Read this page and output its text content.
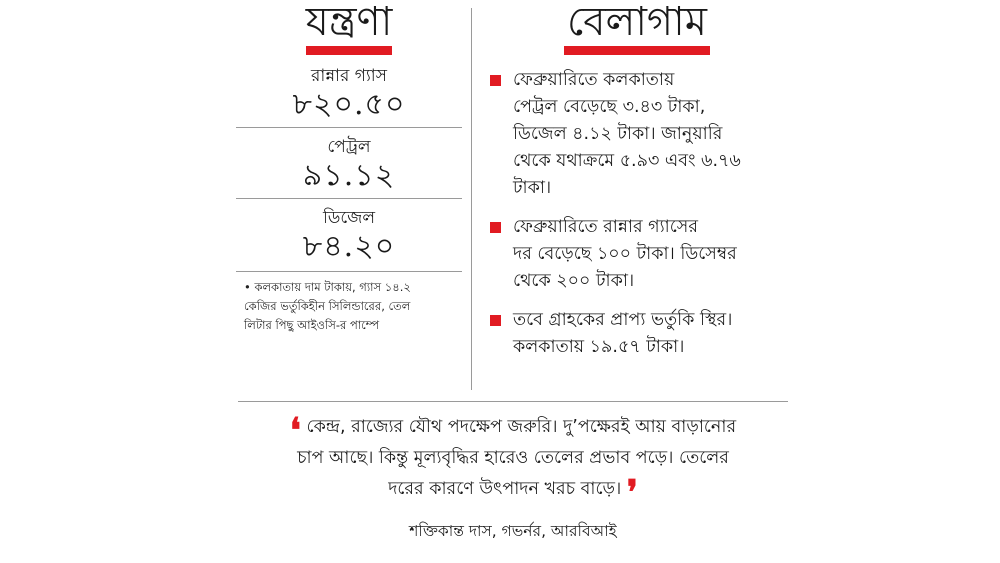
যন্ত্রণা
রান্নার গ্যাস
৮২০.৫০
পেট্রল
৯১.১২
ডিজেল
৮৪.২০
• কলকাতায় দাম টাকায়, গ্যাস ১৪.২
কেজির ভর্তুকিহীন সিলিন্ডারের, তেল
লিটার পিছু আইওসি-র পাম্পে
বেলাগাম
ফেব্রুয়ারিতে কলকাতায়
পেট্রল বেড়েছে ৩.৪৩ টাকা,
ডিজেল ৪.১২ টাকা। জানুয়ারি
থেকে যথাক্রমে ৫.৯৩ এবং ৬.৭৬
টাকা।
ফেব্রুয়ারিতে রান্নার গ্যাসের
দর বেড়েছে ১০০ টাকা। ডিসেম্বর
থেকে ২০০ টাকা।
তবে গ্রাহকের প্রাপ্য ভর্তুকি স্থির।
কলকাতায় ১৯.৫৭ টাকা।
❛ কেন্দ্র, রাজ্যের যৌথ পদক্ষেপ জরুরি। দু’পক্ষেরই আয় বাড়ানোর
চাপ আছে। কিন্তু মূল্যবৃদ্ধির হারেও তেলের প্রভাব পড়ে। তেলের
দরের কারণে উৎপাদন খরচ বাড়ে। ❜
শক্তিকান্ত দাস, গভর্নর, আরবিআই
